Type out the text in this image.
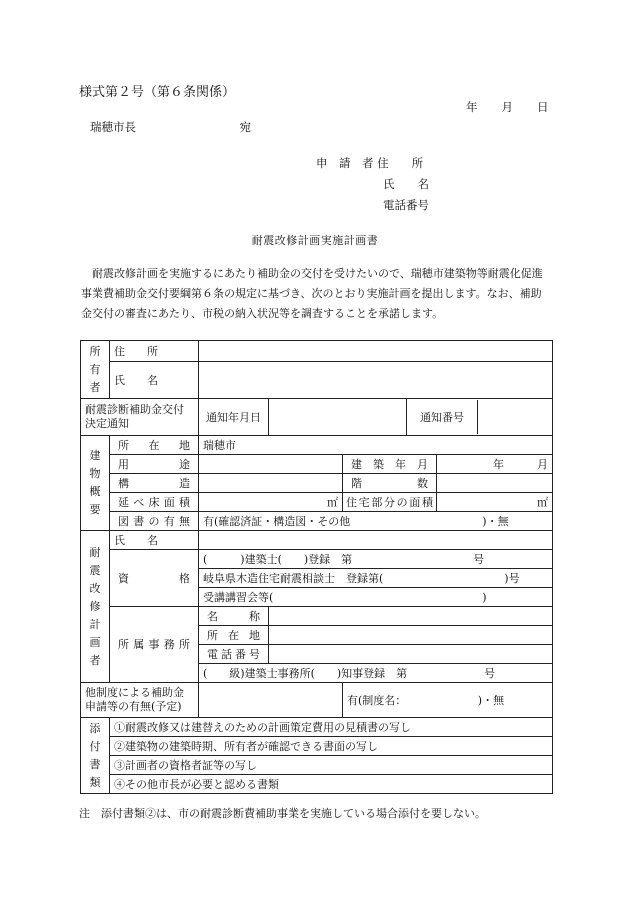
様式第２号（第６条関係）
年 月 日
瑞穂市長　　　　　　　　　宛
申　請　者 住　　所
氏　　名
電話番号
耐震改修計画実施計画書
　耐震改修計画を実施するにあたり補助金の交付を受けたいので、瑞穂市建築物等耐震化促進事業費補助金交付要綱第６条の規定に基づき、次のとおり実施計画を提出します。なお、補助金交付の審査にあたり、市税の納入状況等を調査することを承諾します。
所
有
者
	住　　所	
氏　　名	
耐震診断補助金交付決定通知	通知年月日			通知番号	

建
物
概
要
	所在地	瑞穂市
用途		建築年月	年　　　月
構造		階数	
延べ床面積	㎡	住宅部分の面積	㎡
図書の有無	有(確認済証・構造図・その他　　　　　　　　　　　　)・無

耐
震
改
修
計
画
者
	氏　　名	
資格	(　　　)建築士(　　)登録　第　　　　　　　　　　　号
岐阜県木造住宅耐震相談士　登録第(　　　　　　　　　　　)号
受講講習会等(　　　　　　　　　　　　　　　　　　　)
所属事務所	名　　称	
所在地	
電話番号	
(　　級)建築士事務所(　　)知事登録　第　　　　　　　号
他制度による補助金申請等の有無(予定)		有(制度名：　　　　　　　)・無

添
付
書
類
	①耐震改修又は建替えのための計画策定費用の見積書の写し
②建築物の建築時期、所有者が確認できる書面の写し
③計画者の資格者証等の写し
④その他市長が必要と認める書類
注　添付書類②は、市の耐震診断費補助事業を実施している場合添付を要しない。
